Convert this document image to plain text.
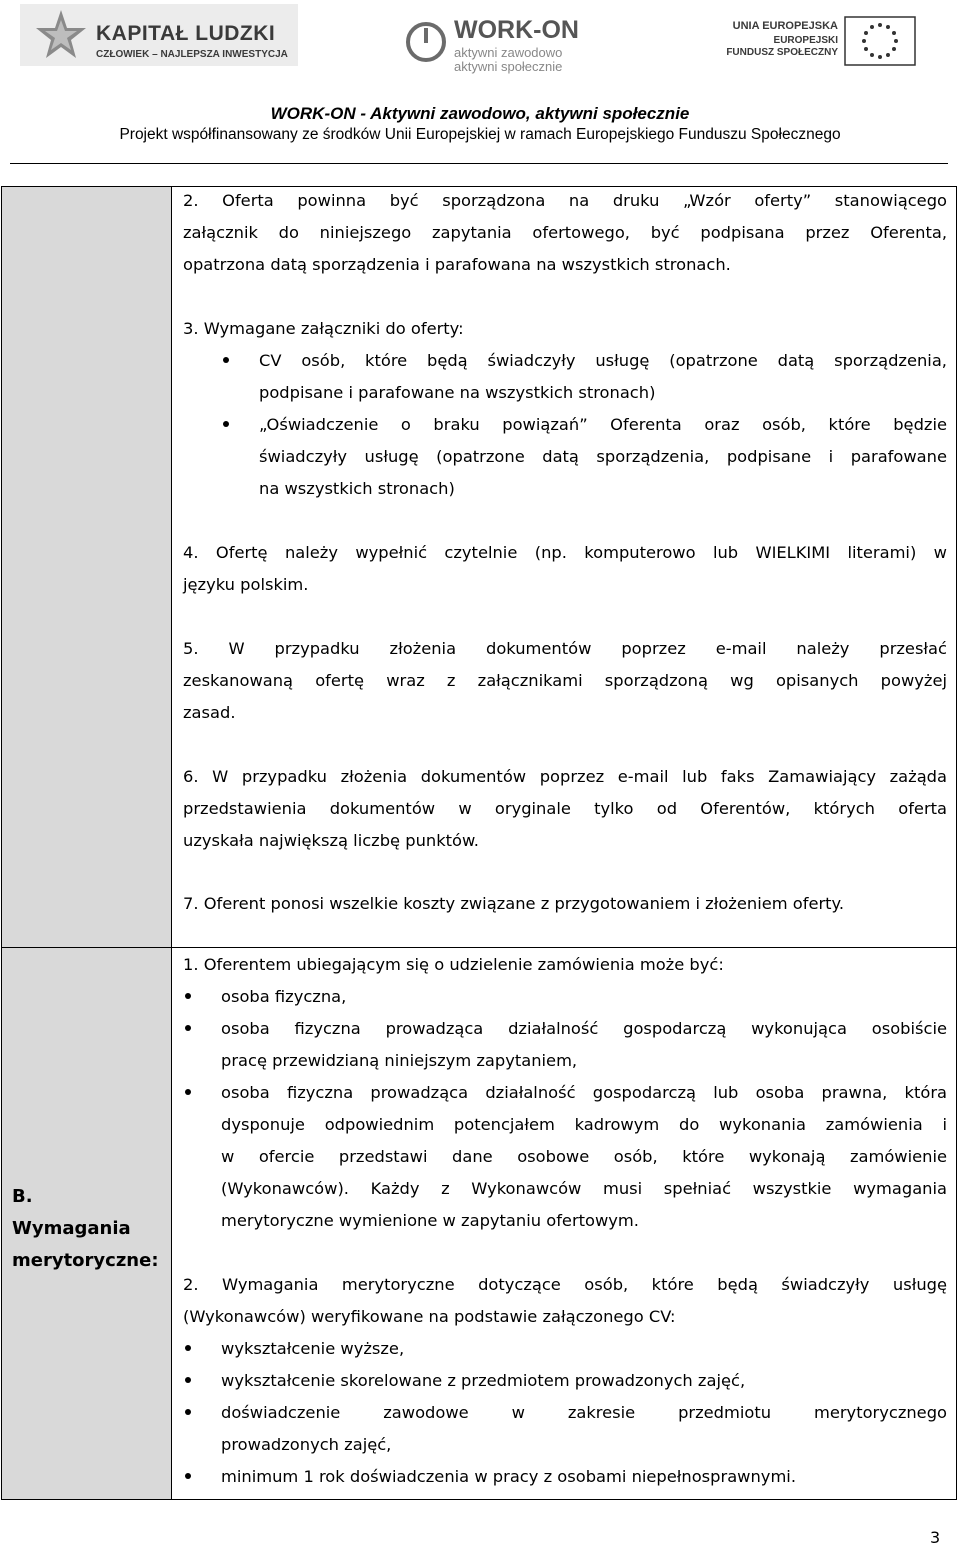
KAPITAŁ LUDZKI
CZŁOWIEK – NAJLEPSZA INWESTYCJA
WORK-ON
aktywni zawodowo
aktywni społecznie
UNIA EUROPEJSKA
EUROPEJSKI
FUNDUSZ SPOŁECZNY
WORK-ON - Aktywni zawodowo, aktywni społecznie
Projekt współfinansowany ze środków Unii Europejskiej w ramach Europejskiego Funduszu Społecznego
B.
Wymagania
merytoryczne:
2. Oferta powinna być sporządzona na druku „Wzór oferty” stanowiącego
załącznik do niniejszego zapytania ofertowego, być podpisana przez Oferenta,
opatrzona datą sporządzenia i parafowana na wszystkich stronach.
3. Wymagane załączniki do oferty:
CV osób, które będą świadczyły usługę (opatrzone datą sporządzenia,
podpisane i parafowane na wszystkich stronach)
„Oświadczenie o braku powiązań” Oferenta oraz osób, które będzie
świadczyły usługę (opatrzone datą sporządzenia, podpisane i parafowane
na wszystkich stronach)
4. Ofertę należy wypełnić czytelnie (np. komputerowo lub WIELKIMI literami) w
języku polskim.
5. W przypadku złożenia dokumentów poprzez e-mail należy przesłać
zeskanowaną ofertę wraz z załącznikami sporządzoną wg opisanych powyżej
zasad.
6. W przypadku złożenia dokumentów poprzez e-mail lub faks Zamawiający zażąda
przedstawienia dokumentów w oryginale tylko od Oferentów, których oferta
uzyskała największą liczbę punktów.
7. Oferent ponosi wszelkie koszty związane z przygotowaniem i złożeniem oferty.
1. Oferentem ubiegającym się o udzielenie zamówienia może być:
osoba fizyczna,
osoba fizyczna prowadząca działalność gospodarczą wykonująca osobiście
pracę przewidzianą niniejszym zapytaniem,
osoba fizyczna prowadząca działalność gospodarczą lub osoba prawna, która
dysponuje odpowiednim potencjałem kadrowym do wykonania zamówienia i
w ofercie przedstawi dane osobowe osób, które wykonają zamówienie
(Wykonawców). Każdy z Wykonawców musi spełniać wszystkie wymagania
merytoryczne wymienione w zapytaniu ofertowym.
2. Wymagania merytoryczne dotyczące osób, które będą świadczyły usługę
(Wykonawców) weryfikowane na podstawie załączonego CV:
wykształcenie wyższe,
wykształcenie skorelowane z przedmiotem prowadzonych zajęć,
doświadczenie zawodowe w zakresie przedmiotu merytorycznego
prowadzonych zajęć,
minimum 1 rok doświadczenia w pracy z osobami niepełnosprawnymi.
3
